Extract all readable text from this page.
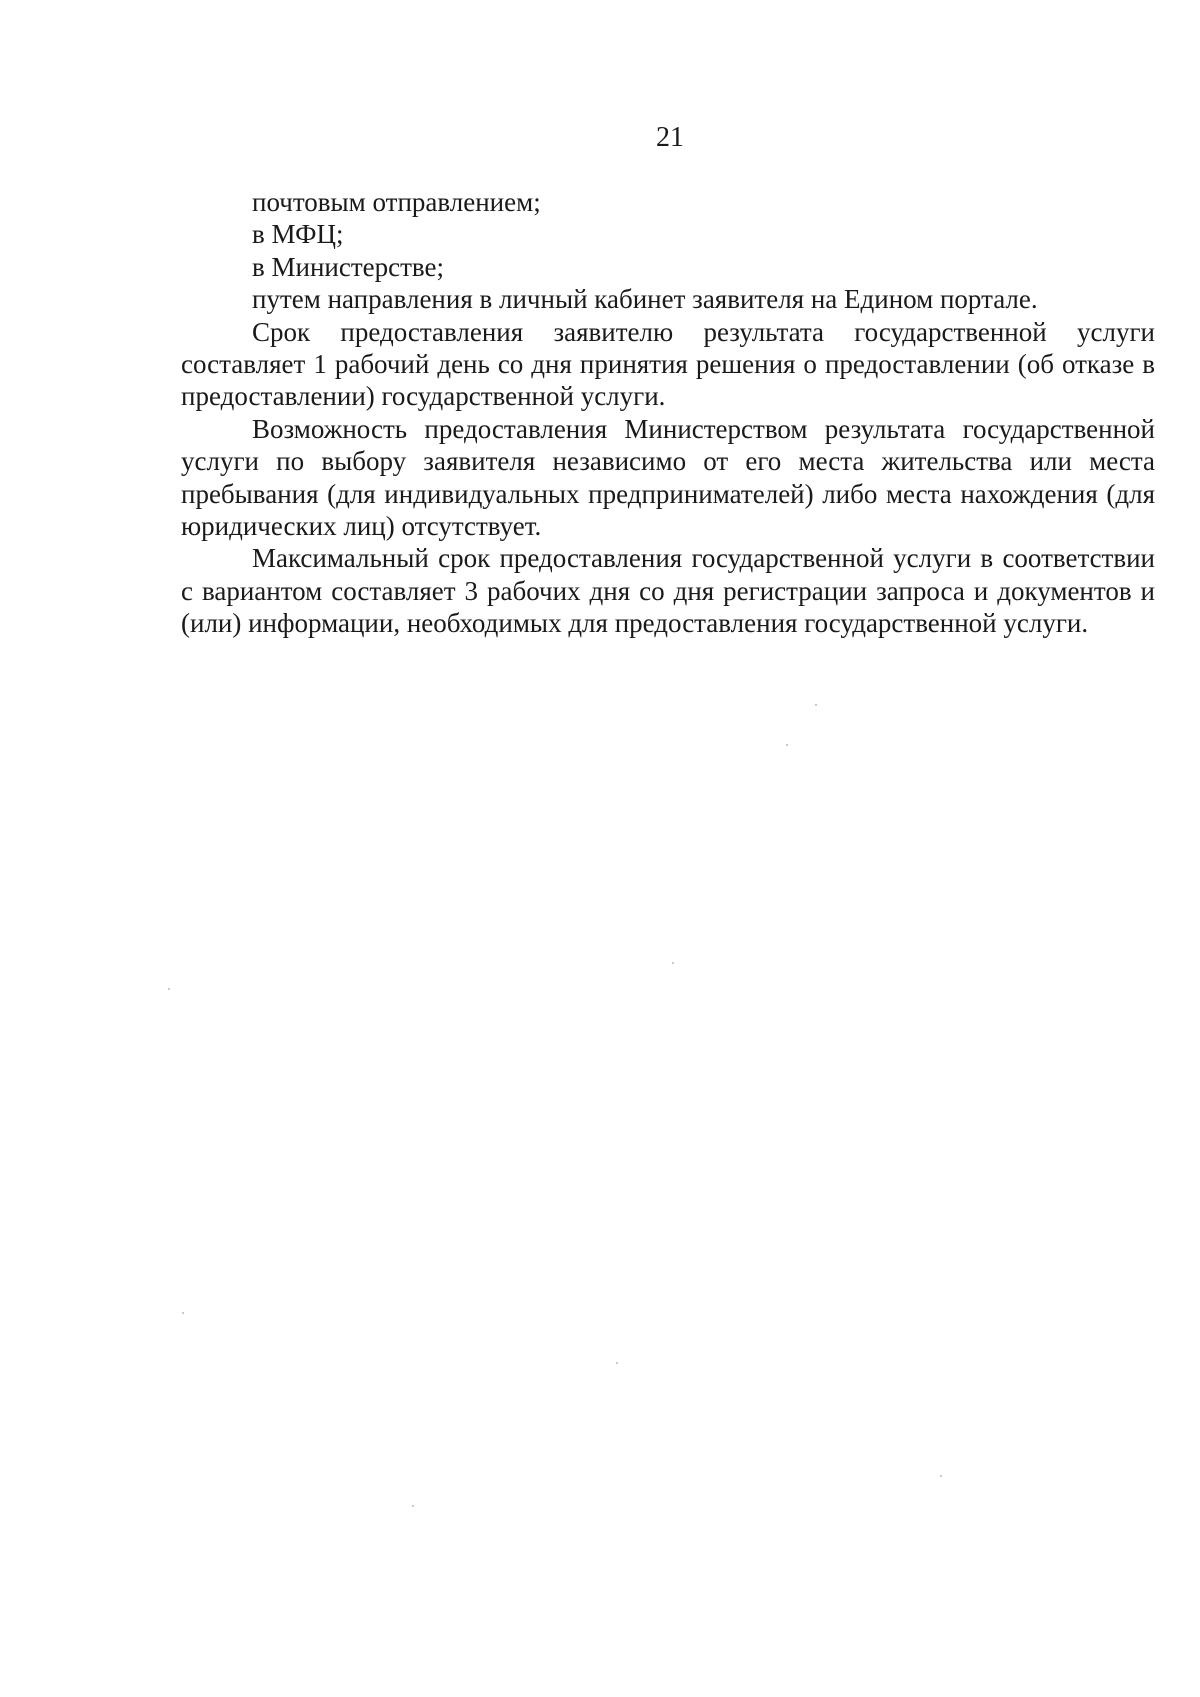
21

почтовым отправлением;

в МФЦ;

в Министерстве;

путем направления в личный кабинет заявителя на Едином портале.

Срок предоставления заявителю результата государственной услуги составляет 1 рабочий день со дня принятия решения о предоставлении (об отказе в предоставлении) государственной услуги.

Возможность предоставления Министерством результата государственной услуги по выбору заявителя независимо от его места жительства или места пребывания (для индивидуальных предпринимателей) либо места нахождения (для юридических лиц) отсутствует.

Максимальный срок предоставления государственной услуги в соответствии с вариантом составляет 3 рабочих дня со дня регистрации запроса и документов и (или) информации, необходимых для предоставления государственной услуги.
